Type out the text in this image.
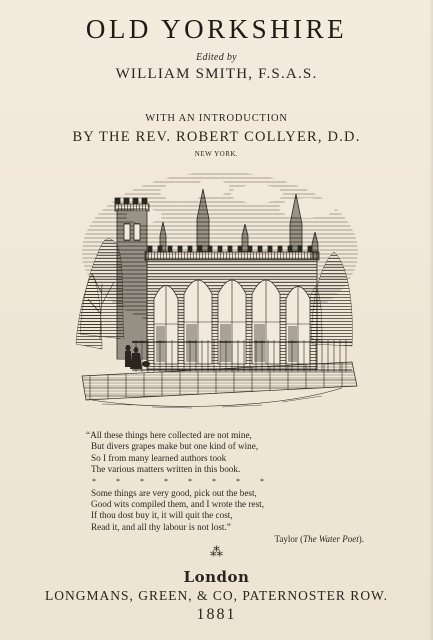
OLD YORKSHIRE
Edited by
WILLIAM SMITH, F.S.A.S.
WITH AN INTRODUCTION
BY THE REV. ROBERT COLLYER, D.D.
NEW YORK.
“All these things here collected are not mine,
But divers grapes make but one kind of wine,
So I from many learned authors took
The various matters written in this book.
* * * * * * * *
Some things are very good, pick out the best,
Good wits compiled them, and I wrote the rest,
If thou dost buy it, it will quit the cost,
Read it, and all thy labour is not lost.”
Taylor (The Water Poet).
⁂
London
LONGMANS, GREEN, & CO, PATERNOSTER ROW.
1881
